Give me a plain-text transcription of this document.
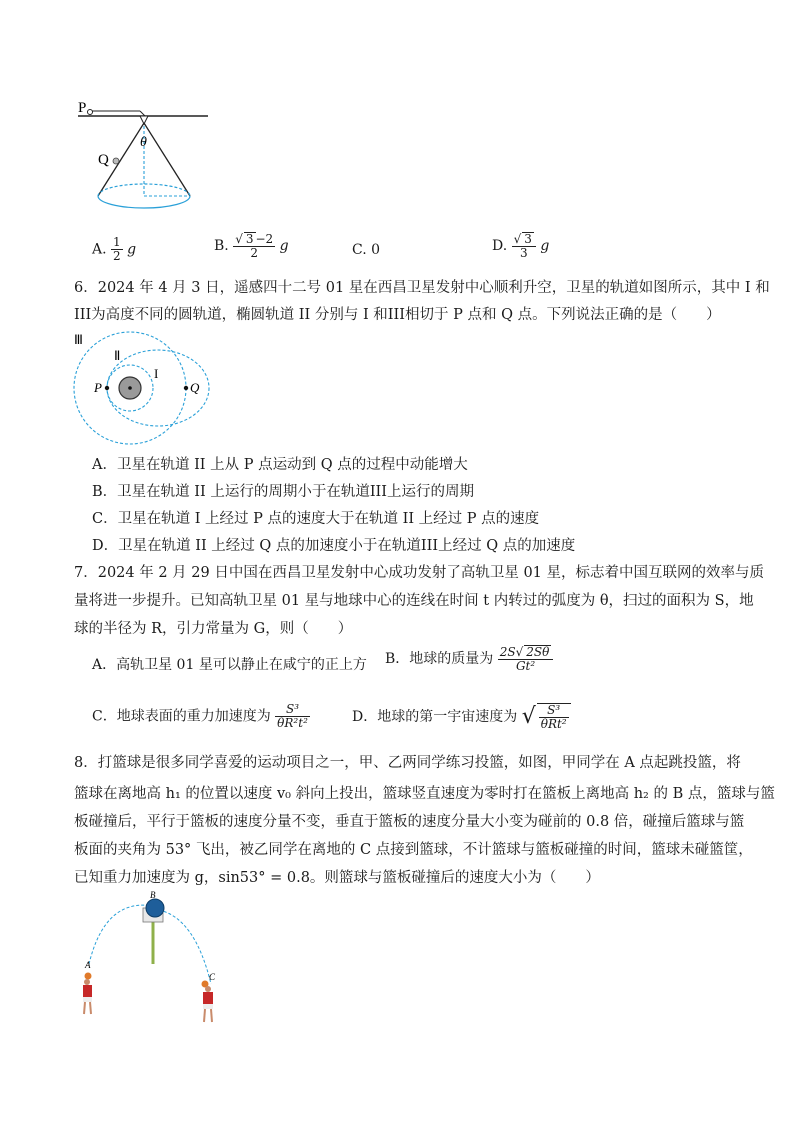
P
Q
θ
A. $\frac{1}{2}$ g	B. $\frac{√ 3 -2}{2}$ g	C. 0	D. $\frac{√ 3}{3}$ g
6．2024 年 4 月 3 日，遥感四十二号 01 星在西昌卫星发射中心顺利升空，卫星的轨道如图所示，其中 I 和
III为高度不同的圆轨道，椭圆轨道 II 分别与 I 和III相切于 P 点和 Q 点。下列说法正确的是（　　）
Ⅲ
Ⅱ
I
P	Q
A．卫星在轨道 II 上从 P 点运动到 Q 点的过程中动能增大
B．卫星在轨道 II 上运行的周期小于在轨道III上运行的周期
C．卫星在轨道 I 上经过 P 点的速度大于在轨道 II 上经过 P 点的速度
D．卫星在轨道 II 上经过 Q 点的加速度小于在轨道III上经过 Q 点的加速度
7．2024 年 2 月 29 日中国在西昌卫星发射中心成功发射了高轨卫星 01 星，标志着中国互联网的效率与质
量将进一步提升。已知高轨卫星 01 星与地球中心的连线在时间 t 内转过的弧度为 θ，扫过的面积为 S，地
球的半径为 R，引力常量为 G，则（　　）
A．高轨卫星 01 星可以静止在咸宁的正上方 B．地球的质量为 $\frac{2S√ 2S\theta}{\text{Gt²}}$
C．地球表面的重力加速度为 $\frac{\text{S³}}{\text{θR²t²}}$	D．地球的第一宇宙速度为 √ $\frac{\text{S³}}{\text{θRt²}}$
8．打篮球是很多同学喜爱的运动项目之一，甲、乙两同学练习投篮，如图，甲同学在 A 点起跳投篮，将
篮球在离地高 h₁ 的位置以速度 v₀ 斜向上投出，篮球竖直速度为零时打在篮板上离地高 h₂ 的 B 点，篮球与篮
板碰撞后，平行于篮板的速度分量不变，垂直于篮板的速度分量大小变为碰前的 0.8 倍，碰撞后篮球与篮
板面的夹角为 53° 飞出，被乙同学在离地的 C 点接到篮球，不计篮球与篮板碰撞的时间，篮球未碰篮筐，
已知重力加速度为 g，sin53° = 0.8。则篮球与篮板碰撞后的速度大小为（　　）
A
B
C
